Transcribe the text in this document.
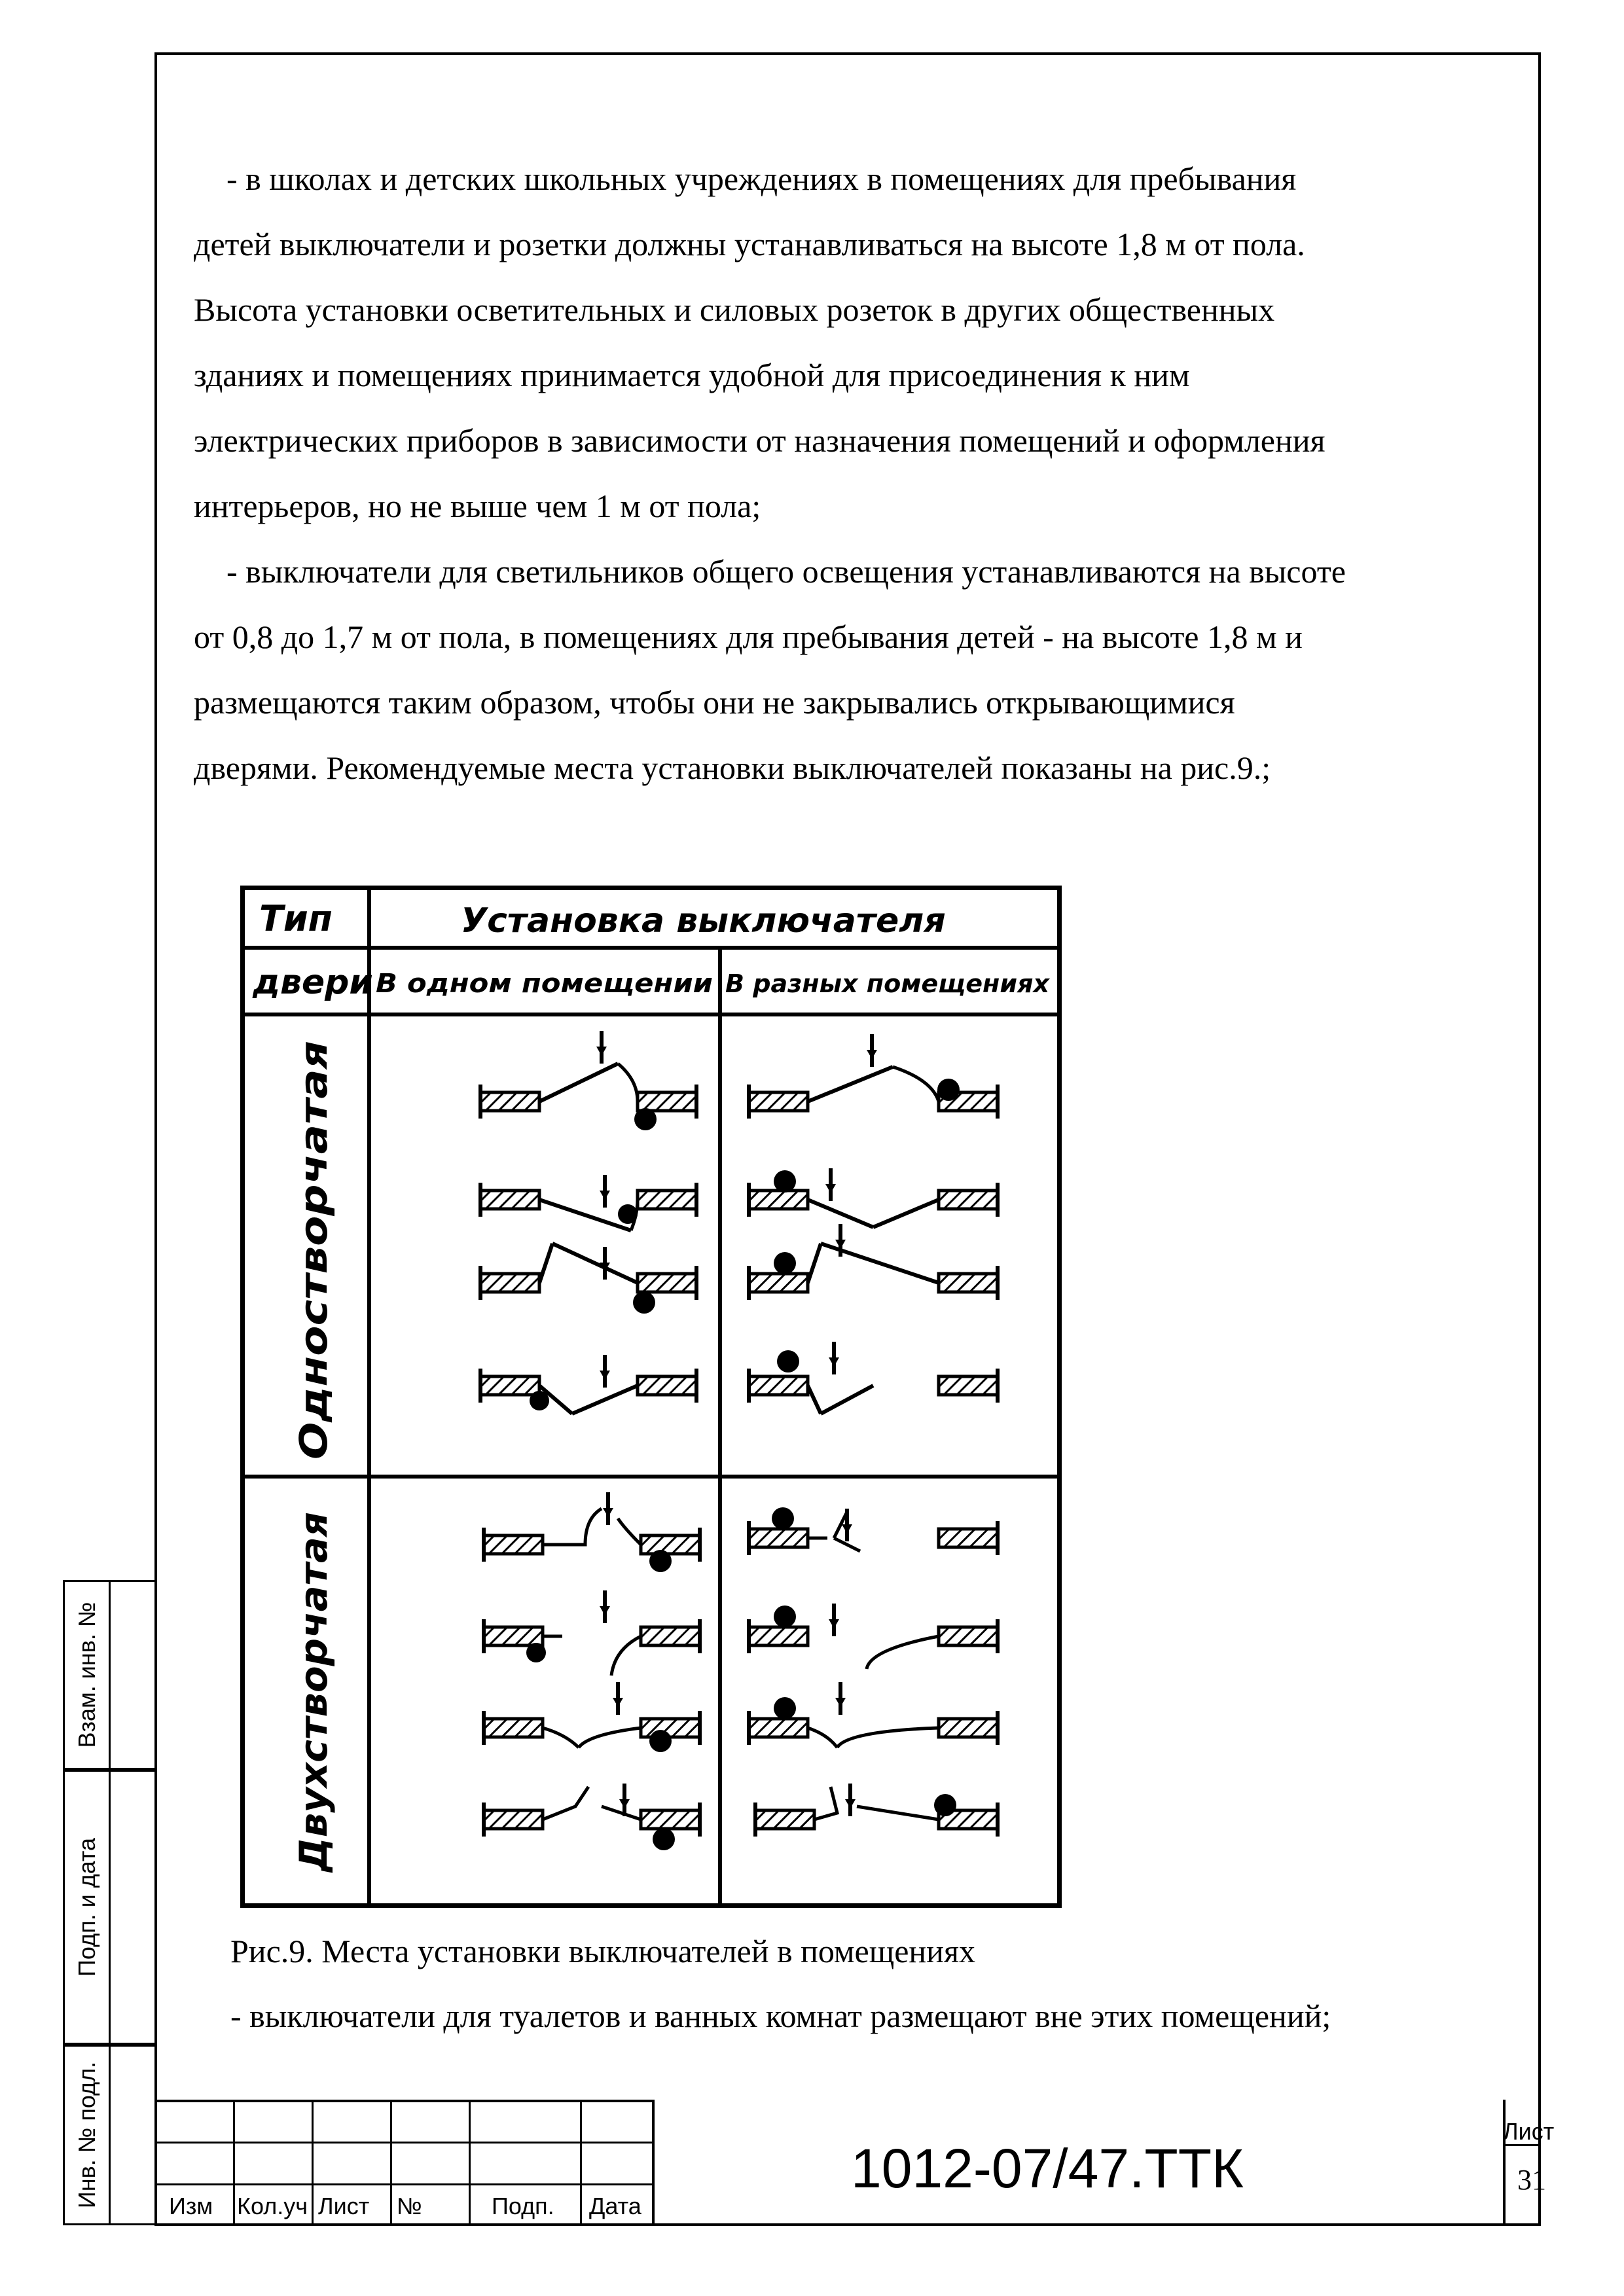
Взам. инв. №
Подп. и дата
Инв. № подл.

- в школах и детских школьных учреждениях в помещениях для пребывания

детей выключатели и розетки должны устанавливаться на высоте 1,8 м от пола.

Высота установки осветительных и силовых розеток в других общественных

зданиях и помещениях принимается удобной для присоединения к ним

электрических приборов в зависимости от назначения помещений и оформления

интерьеров, но не выше чем 1 м от пола;

- выключатели для светильников общего освещения устанавливаются на высоте

от 0,8 до 1,7 м от пола, в помещениях для пребывания детей - на высоте 1,8 м и

размещаются таким образом, чтобы они не закрывались открывающимися

дверями. Рекомендуемые места установки выключателей показаны на рис.9.;

Тип
двери
Установка выключателя
В одном помещении В разных помещениях
Одностворчатая
Двухстворчатая
Рис.9. Места установки выключателей в помещениях
- выключатели для туалетов и ванных комнат размещают вне этих помещений;
Изм Кол.уч Лист №	Подп. Дата
1012-07/47.ТТК
Лист
31
